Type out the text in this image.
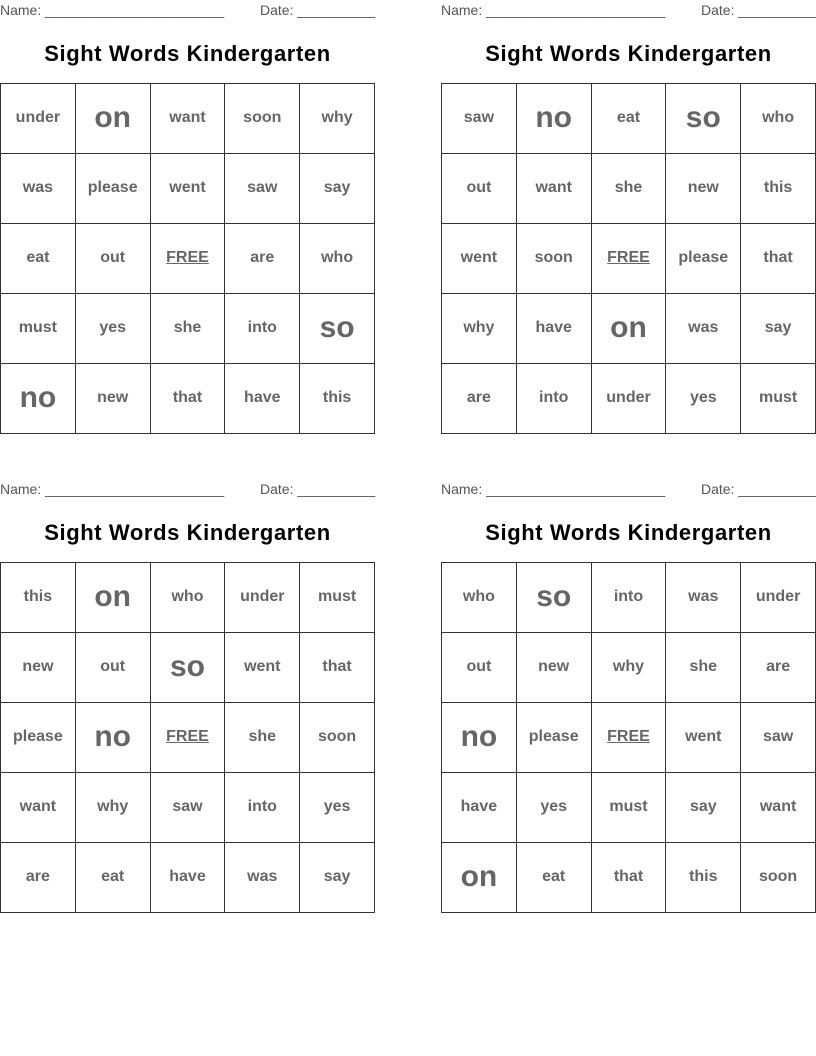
Name: _______________________	Date: __________
Sight Words Kindergarten
under	on	want	soon	why
was	please	went	saw	say
eat	out	FREE	are	who
must	yes	she	into	so
no	new	that	have	this
Name: _______________________	Date: __________
Sight Words Kindergarten
saw	no	eat	so	who
out	want	she	new	this
went	soon	FREE	please	that
why	have	on	was	say
are	into	under	yes	must
Name: _______________________	Date: __________
Sight Words Kindergarten
this	on	who	under	must
new	out	so	went	that
please	no	FREE	she	soon
want	why	saw	into	yes
are	eat	have	was	say
Name: _______________________	Date: __________
Sight Words Kindergarten
who	so	into	was	under
out	new	why	she	are
no	please	FREE	went	saw
have	yes	must	say	want
on	eat	that	this	soon
